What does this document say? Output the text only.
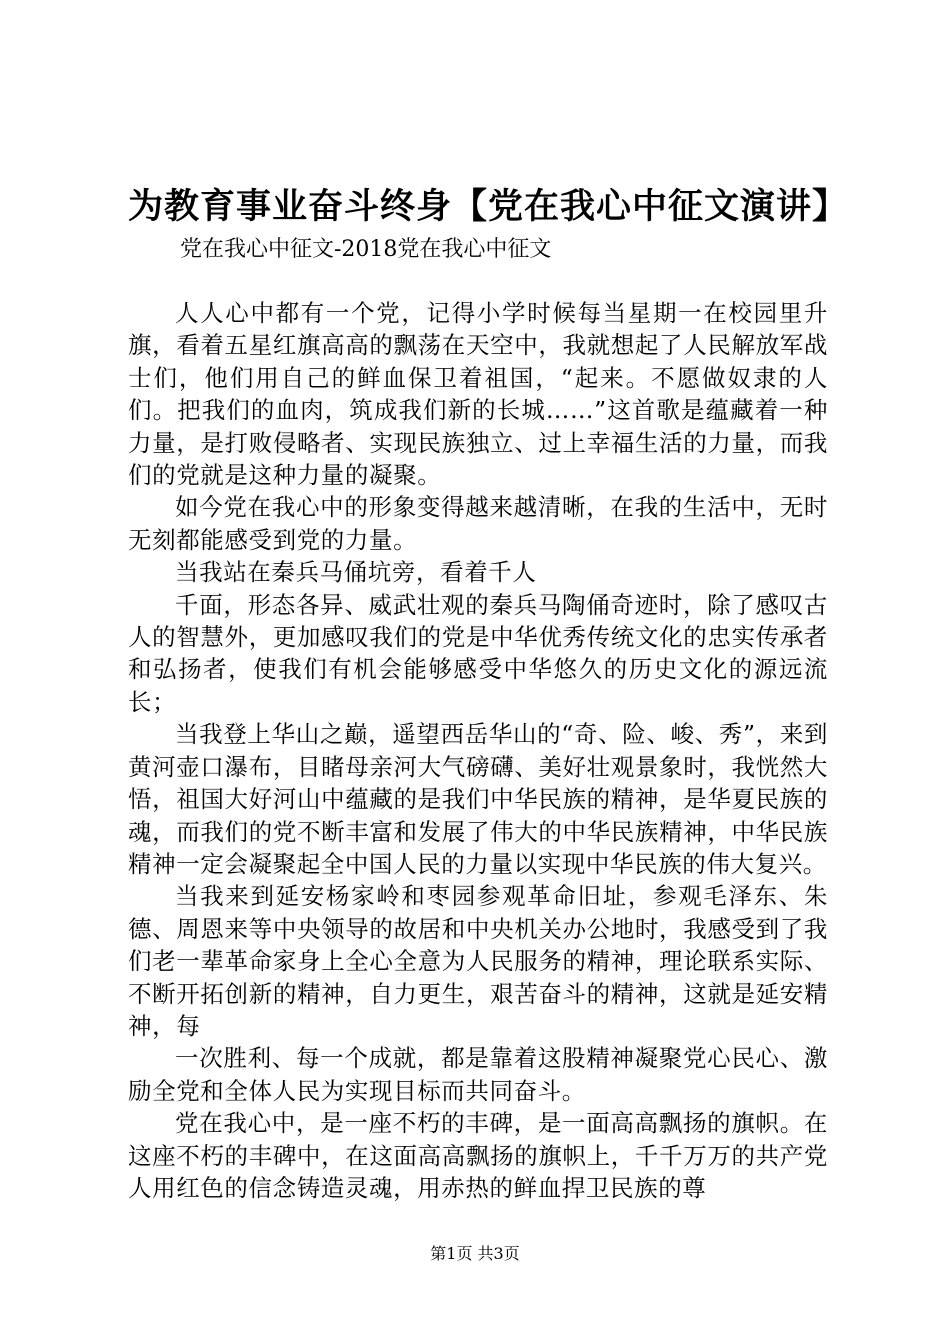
为教育事业奋斗终身【党在我心中征文演讲】

党在我心中征文-2018党在我心中征文

人人心中都有一个党，记得小学时候每当星期一在校园里升旗，看着五星红旗高高的飘荡在天空中，我就想起了人民解放军战士们，他们用自己的鲜血保卫着祖国，“起来。不愿做奴隶的人们。把我们的血肉，筑成我们新的长城……”这首歌是蕴藏着一种力量，是打败侵略者、实现民族独立、过上幸福生活的力量，而我们的党就是这种力量的凝聚。

如今党在我心中的形象变得越来越清晰，在我的生活中，无时无刻都能感受到党的力量。

当我站在秦兵马俑坑旁，看着千人

千面，形态各异、威武壮观的秦兵马陶俑奇迹时，除了感叹古人的智慧外，更加感叹我们的党是中华优秀传统文化的忠实传承者和弘扬者，使我们有机会能够感受中华悠久的历史文化的源远流长；

当我登上华山之巅，遥望西岳华山的“奇、险、峻、秀”，来到黄河壶口瀑布，目睹母亲河大气磅礴、美好壮观景象时，我恍然大悟，祖国大好河山中蕴藏的是我们中华民族的精神，是华夏民族的魂，而我们的党不断丰富和发展了伟大的中华民族精神，中华民族精神一定会凝聚起全中国人民的力量以实现中华民族的伟大复兴。

当我来到延安杨家岭和枣园参观革命旧址，参观毛泽东、朱德、周恩来等中央领导的故居和中央机关办公地时，我感受到了我们老一辈革命家身上全心全意为人民服务的精神，理论联系实际、不断开拓创新的精神，自力更生，艰苦奋斗的精神，这就是延安精神，每

一次胜利、每一个成就，都是靠着这股精神凝聚党心民心、激励全党和全体人民为实现目标而共同奋斗。

党在我心中，是一座不朽的丰碑，是一面高高飘扬的旗帜。在这座不朽的丰碑中，在这面高高飘扬的旗帜上，千千万万的共产党人用红色的信念铸造灵魂，用赤热的鲜血捍卫民族的尊

第1页 共3页
